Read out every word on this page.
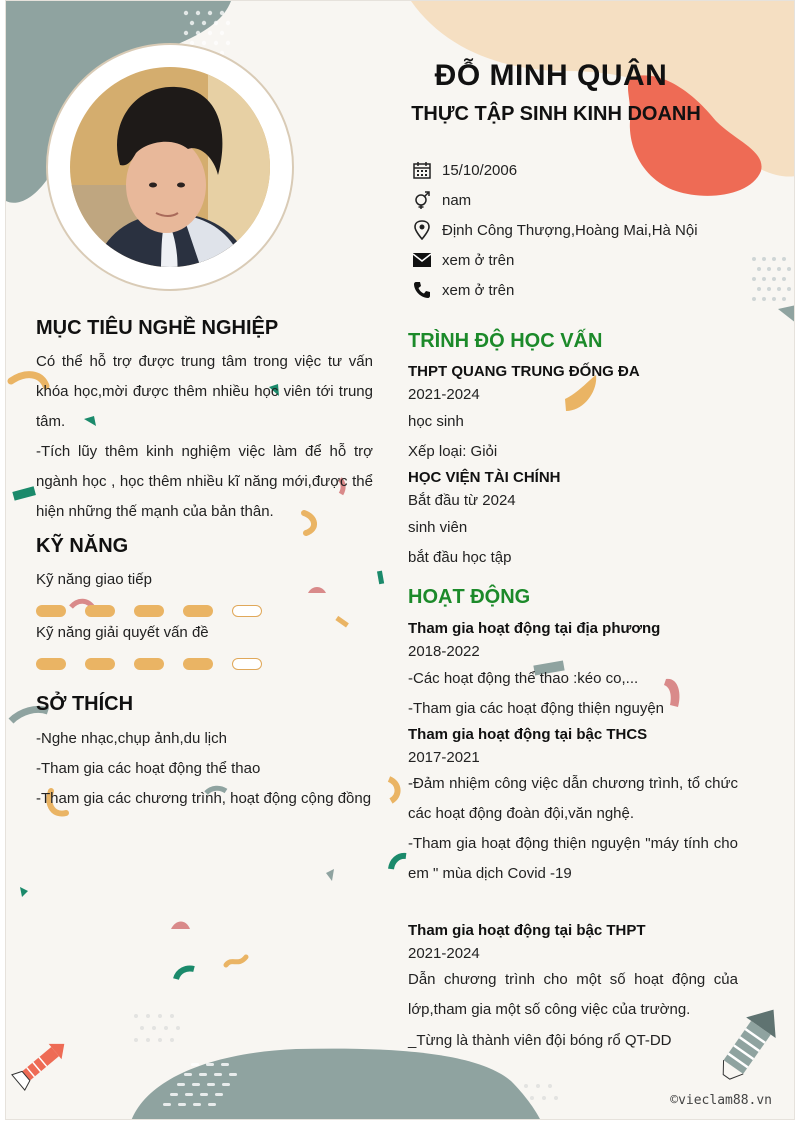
ĐỖ MINH QUÂN
THỰC TẬP SINH KINH DOANH
15/10/2006
nam
Định Công Thượng,Hoàng Mai,Hà Nội
xem ở trên
xem ở trên
MỤC TIÊU NGHỀ NGHIỆP
Có thể hỗ trợ được trung tâm trong việc tư vấn khóa học,mời được thêm nhiều học viên tới trung tâm.
-Tích lũy thêm kinh nghiệm việc làm để hỗ trợ ngành học , học thêm nhiều kĩ năng mới,được thể hiện những thế mạnh của bản thân.
KỸ NĂNG
Kỹ năng giao tiếp
Kỹ năng giải quyết vấn đề
SỞ THÍCH
-Nghe nhạc,chụp ảnh,du lịch
-Tham gia các hoạt động thể thao
-Tham gia các chương trình, hoạt động cộng đồng
TRÌNH ĐỘ HỌC VẤN
THPT QUANG TRUNG ĐỐNG ĐA
2021-2024
học sinh
Xếp loại: Giỏi
HỌC VIỆN TÀI CHÍNH
Bắt đầu từ 2024
sinh viên
bắt đầu học tập
HOẠT ĐỘNG
Tham gia hoạt động tại địa phương
2018-2022
-Các hoạt động thể thao :kéo co,...
-Tham gia các hoạt động thiện nguyện
Tham gia hoạt động tại bậc THCS
2017-2021
-Đảm nhiệm công việc dẫn chương trình, tổ chức các hoạt động đoàn đội,văn nghệ.
-Tham gia hoạt động thiện nguyện "máy tính cho em " mùa dịch Covid -19
Tham gia hoạt động tại bậc THPT
2021-2024
Dẫn chương trình cho một số hoạt động của lớp,tham gia một số công việc của trường.
_Từng là thành viên đội bóng rổ QT-DD
©vieclam88.vn
